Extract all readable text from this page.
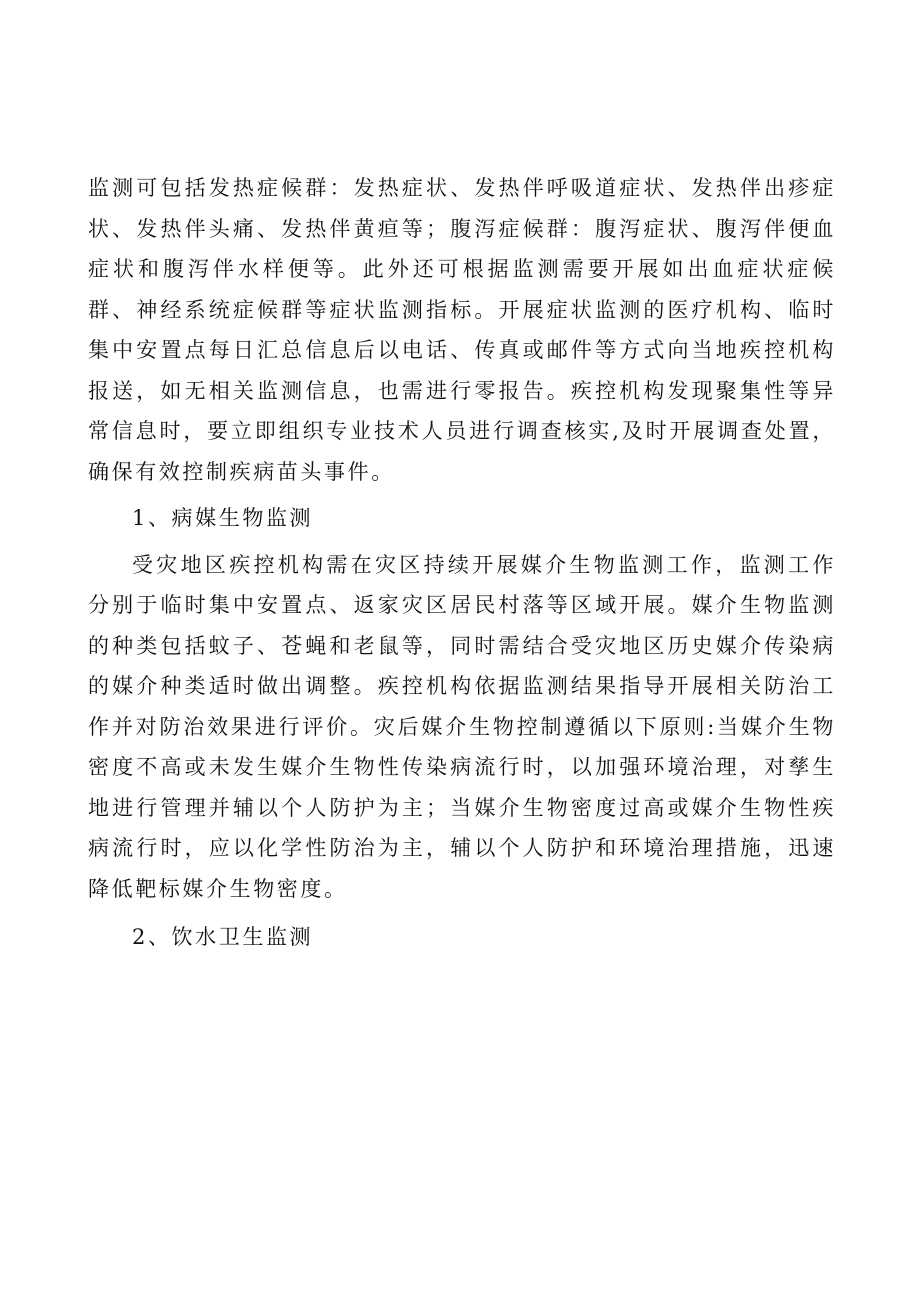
监测可包括发热症候群：发热症状、发热伴呼吸道症状、发热伴出疹症状、发热伴头痛、发热伴黄疸等；腹泻症候群：腹泻症状、腹泻伴便血症状和腹泻伴水样便等。此外还可根据监测需要开展如出血症状症候群、神经系统症候群等症状监测指标。开展症状监测的医疗机构、临时集中安置点每日汇总信息后以电话、传真或邮件等方式向当地疾控机构报送，如无相关监测信息，也需进行零报告。疾控机构发现聚集性等异常信息时，要立即组织专业技术人员进行调查核实,及时开展调查处置，确保有效控制疾病苗头事件。

1、病媒生物监测

受灾地区疾控机构需在灾区持续开展媒介生物监测工作，监测工作分别于临时集中安置点、返家灾区居民村落等区域开展。媒介生物监测的种类包括蚊子、苍蝇和老鼠等，同时需结合受灾地区历史媒介传染病的媒介种类适时做出调整。疾控机构依据监测结果指导开展相关防治工作并对防治效果进行评价。灾后媒介生物控制遵循以下原则:当媒介生物密度不高或未发生媒介生物性传染病流行时，以加强环境治理，对孳生地进行管理并辅以个人防护为主；当媒介生物密度过高或媒介生物性疾病流行时，应以化学性防治为主，辅以个人防护和环境治理措施，迅速降低靶标媒介生物密度。

2、饮水卫生监测
